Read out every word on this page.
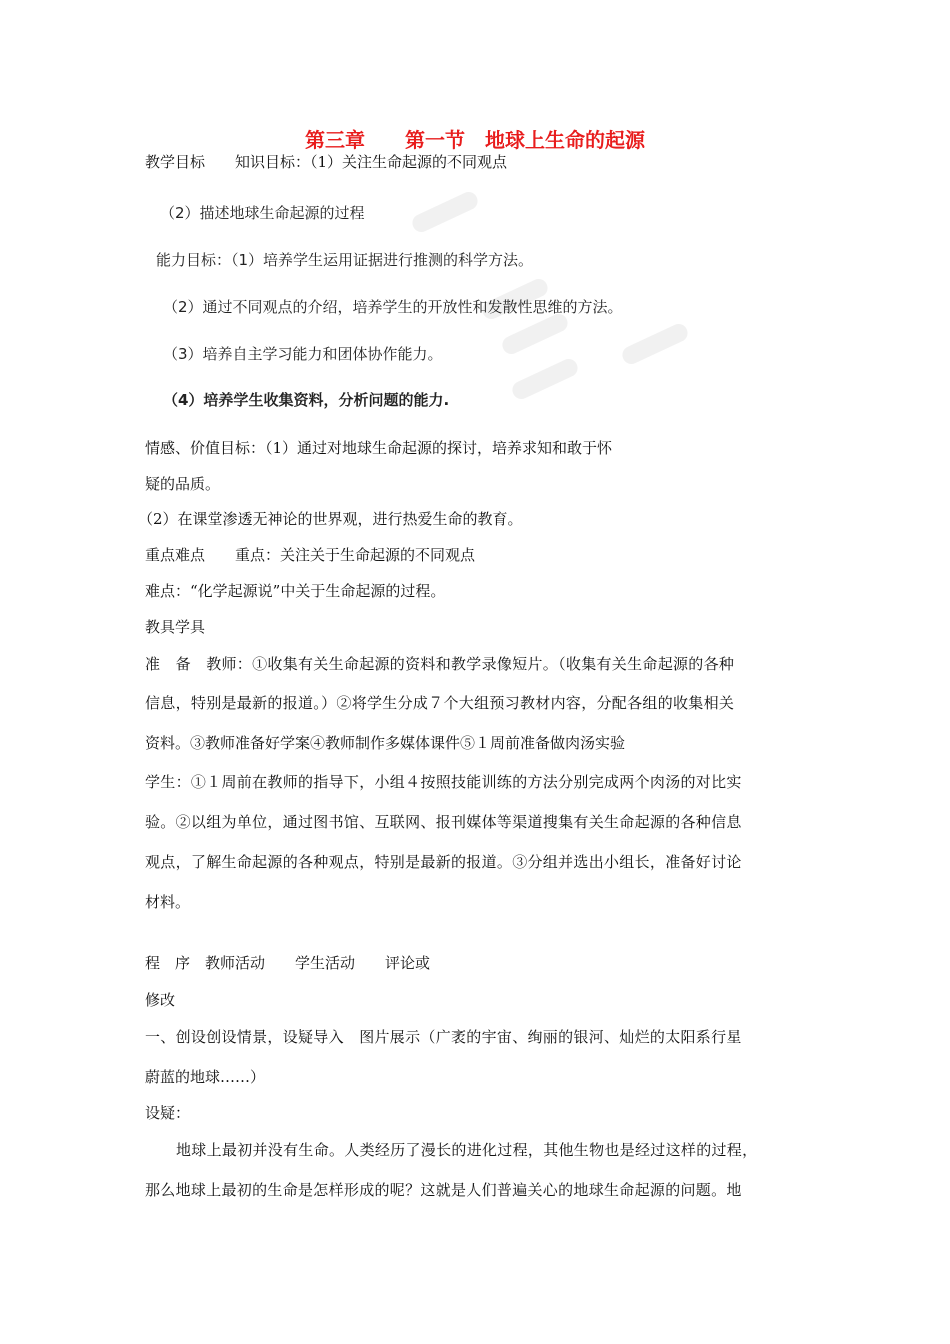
第三章　　第一节　地球上生命的起源
教学目标　　知识目标：（1）关注生命起源的不同观点
（2）描述地球生命起源的过程
能力目标：（1）培养学生运用证据进行推测的科学方法。
（2）通过不同观点的介绍，培养学生的开放性和发散性思维的方法。
（3）培养自主学习能力和团体协作能力。
（4）培养学生收集资料，分析问题的能力.
情感、价值目标：（1）通过对地球生命起源的探讨，培养求知和敢于怀
疑的品质。
（2）在课堂渗透无神论的世界观，进行热爱生命的教育。
重点难点　　重点：关注关于生命起源的不同观点
难点：“化学起源说”中关于生命起源的过程。
教具学具
准　备　教师：①收集有关生命起源的资料和教学录像短片。（收集有关生命起源的各种
信息，特别是最新的报道。）②将学生分成７个大组预习教材内容，分配各组的收集相关
资料。③教师准备好学案④教师制作多媒体课件⑤１周前准备做肉汤实验
学生：①１周前在教师的指导下，小组４按照技能训练的方法分别完成两个肉汤的对比实
验。②以组为单位，通过图书馆、互联网、报刊媒体等渠道搜集有关生命起源的各种信息
观点，了解生命起源的各种观点，特别是最新的报道。③分组并选出小组长，准备好讨论
材料。
程　序　教师活动　　学生活动　　评论或
修改
一、创设创设情景，设疑导入　图片展示（广袤的宇宙、绚丽的银河、灿烂的太阳系行星
蔚蓝的地球……）
设疑：
地球上最初并没有生命。人类经历了漫长的进化过程，其他生物也是经过这样的过程，
那么地球上最初的生命是怎样形成的呢？这就是人们普遍关心的地球生命起源的问题。地
